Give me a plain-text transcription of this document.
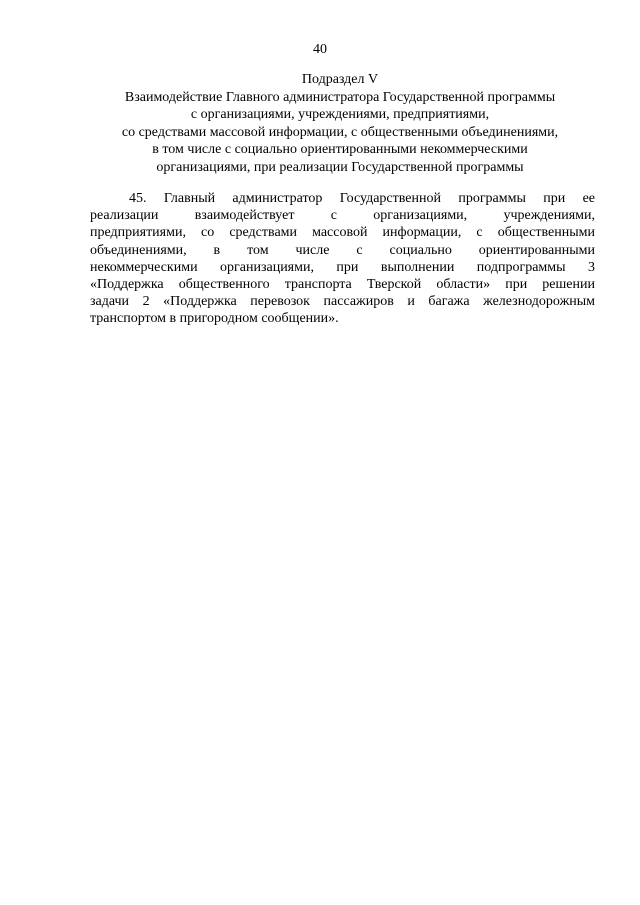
40
Подраздел V
Взаимодействие Главного администратора Государственной программы
с организациями, учреждениями, предприятиями,
со средствами массовой информации, с общественными объединениями,
в том числе с социально ориентированными некоммерческими
организациями, при реализации Государственной программы
45. Главный администратор Государственной программы при ее
реализации взаимодействует с организациями, учреждениями,
предприятиями, со средствами массовой информации, с общественными
объединениями, в том числе с социально ориентированными
некоммерческими организациями, при выполнении подпрограммы 3
«Поддержка общественного транспорта Тверской области» при решении
задачи 2 «Поддержка перевозок пассажиров и багажа железнодорожным
транспортом в пригородном сообщении».
